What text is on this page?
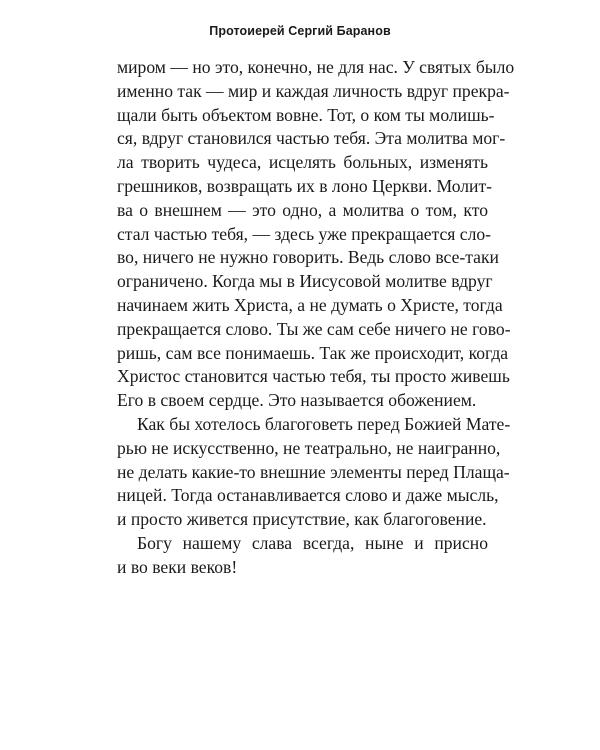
Протоиерей Сергий Баранов

миром — но это, конечно, не для нас. У святых было
именно так — мир и каждая личность вдруг прекра-
щали быть объектом вовне. Тот, о ком ты молишь-
ся, вдруг становился частью тебя. Эта молитва мог-
ла творить чудеса, исцелять больных, изменять
грешников, возвращать их в лоно Церкви. Молит-
ва о внешнем — это одно, а молитва о том, кто
стал частью тебя, — здесь уже прекращается сло-
во, ничего не нужно говорить. Ведь слово все-таки
ограничено. Когда мы в Иисусовой молитве вдруг
начинаем жить Христа, а не думать о Христе, тогда
прекращается слово. Ты же сам себе ничего не гово-
ришь, сам все понимаешь. Так же происходит, когда
Христос становится частью тебя, ты просто живешь
Его в своем сердце. Это называется обожением.

Как бы хотелось благоговеть перед Божией Мате-
рью не искусственно, не театрально, не наигранно,
не делать какие-то внешние элементы перед Плаща-
ницей. Тогда останавливается слово и даже мысль,
и просто живется присутствие, как благоговение.

Богу нашему слава всегда, ныне и присно
и во веки веков!
